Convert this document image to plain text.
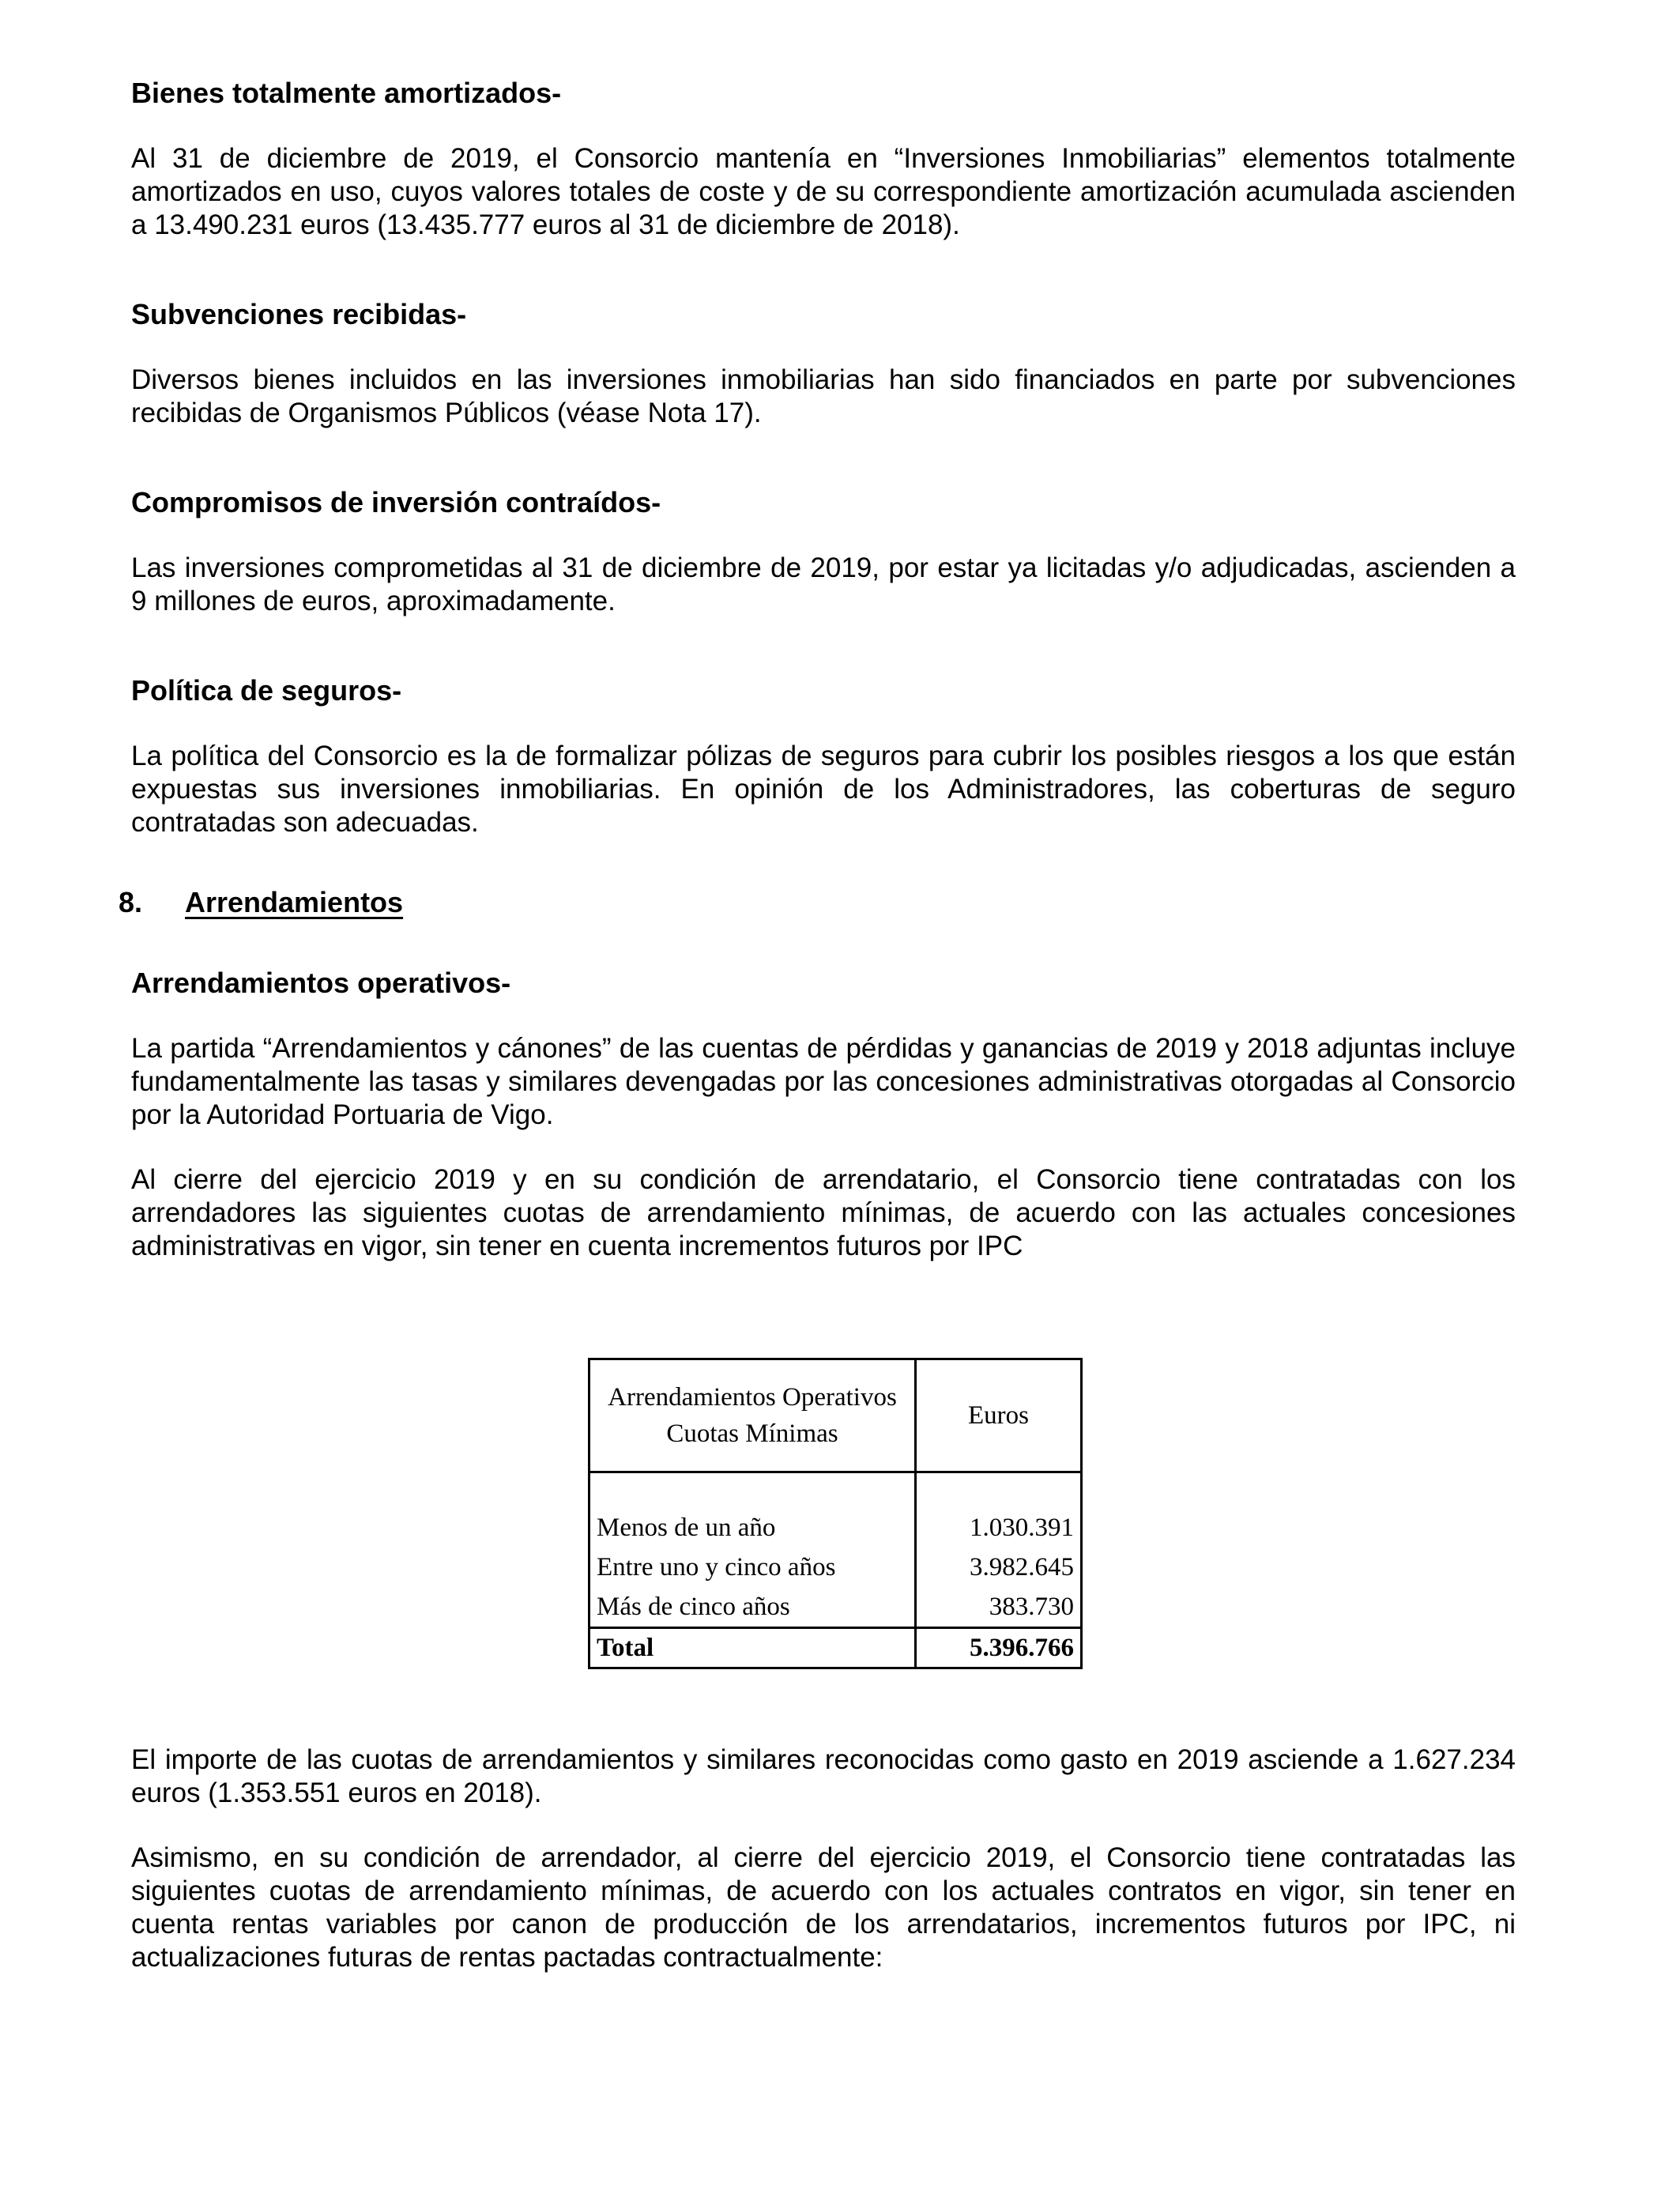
Bienes totalmente amortizados-

Al 31 de diciembre de 2019, el Consorcio mantenía en “Inversiones Inmobiliarias” elementos totalmente amortizados en uso, cuyos valores totales de coste y de su correspondiente amortización acumulada ascienden a 13.490.231 euros (13.435.777 euros al 31 de diciembre de 2018).

Subvenciones recibidas-

Diversos bienes incluidos en las inversiones inmobiliarias han sido financiados en parte por subvenciones recibidas de Organismos Públicos (véase Nota 17).

Compromisos de inversión contraídos-

Las inversiones comprometidas al 31 de diciembre de 2019, por estar ya licitadas y/o adjudicadas, ascienden a 9 millones de euros, aproximadamente.

Política de seguros-

La política del Consorcio es la de formalizar pólizas de seguros para cubrir los posibles riesgos a los que están expuestas sus inversiones inmobiliarias. En opinión de los Administradores, las coberturas de seguro contratadas son adecuadas.

8. Arrendamientos

Arrendamientos operativos-

La partida “Arrendamientos y cánones” de las cuentas de pérdidas y ganancias de 2019 y 2018 adjuntas incluye fundamentalmente las tasas y similares devengadas por las concesiones administrativas otorgadas al Consorcio por la Autoridad Portuaria de Vigo.

Al cierre del ejercicio 2019 y en su condición de arrendatario, el Consorcio tiene contratadas con los arrendadores las siguientes cuotas de arrendamiento mínimas, de acuerdo con las actuales concesiones administrativas en vigor, sin tener en cuenta incrementos futuros por IPC

Arrendamientos Operativos
Cuotas Mínimas	Euros

Menos de un año	1.030.391
Entre uno y cinco años	3.982.645
Más de cinco años	383.730
Total	5.396.766

El importe de las cuotas de arrendamientos y similares reconocidas como gasto en 2019 asciende a 1.627.234 euros (1.353.551 euros en 2018).

Asimismo, en su condición de arrendador, al cierre del ejercicio 2019, el Consorcio tiene contratadas las siguientes cuotas de arrendamiento mínimas, de acuerdo con los actuales contratos en vigor, sin tener en cuenta rentas variables por canon de producción de los arrendatarios, incrementos futuros por IPC, ni actualizaciones futuras de rentas pactadas contractualmente:
